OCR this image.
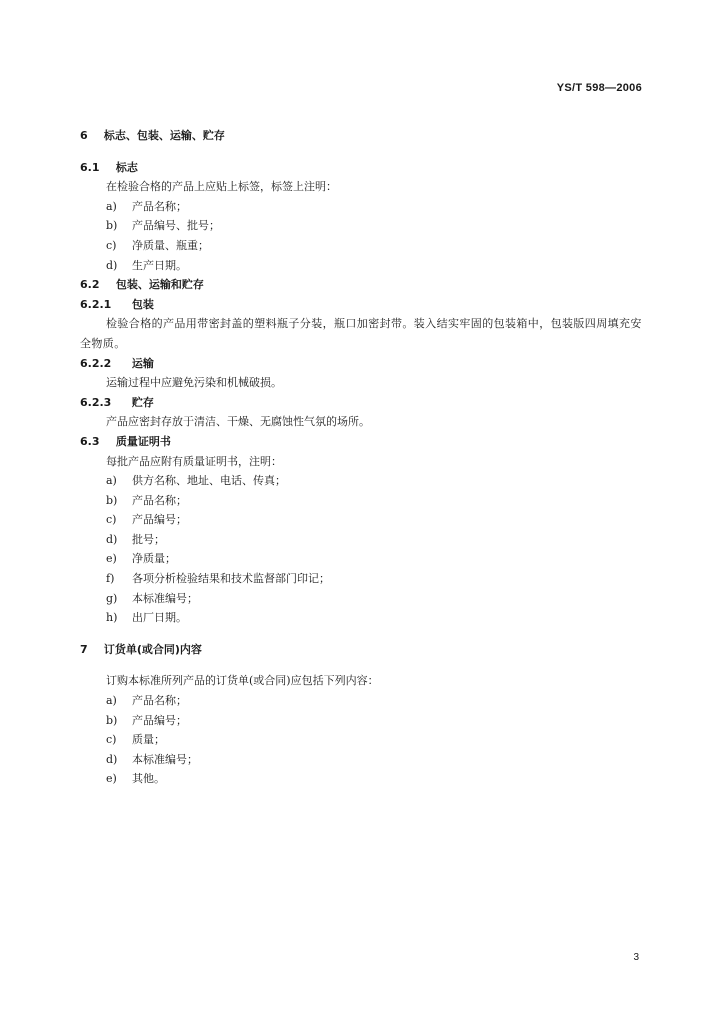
YS/T 598—2006
6 标志、包装、运输、贮存
6.1 标志
在检验合格的产品上应贴上标签，标签上注明：
a) 产品名称；
b) 产品编号、批号；
c) 净质量、瓶重；
d) 生产日期。
6.2 包装、运输和贮存
6.2.1 包装
检验合格的产品用带密封盖的塑料瓶子分装，瓶口加密封带。装入结实牢固的包装箱中，包装版四周填充安全物质。
6.2.2 运输
运输过程中应避免污染和机械破损。
6.2.3 贮存
产品应密封存放于清洁、干燥、无腐蚀性气氛的场所。
6.3 质量证明书
每批产品应附有质量证明书，注明：
a) 供方名称、地址、电话、传真；
b) 产品名称；
c) 产品编号；
d) 批号；
e) 净质量；
f) 各项分析检验结果和技术监督部门印记；
g) 本标准编号；
h) 出厂日期。
7 订货单(或合同)内容
订购本标准所列产品的订货单(或合同)应包括下列内容：
a) 产品名称；
b) 产品编号；
c) 质量；
d) 本标准编号；
e) 其他。
3
